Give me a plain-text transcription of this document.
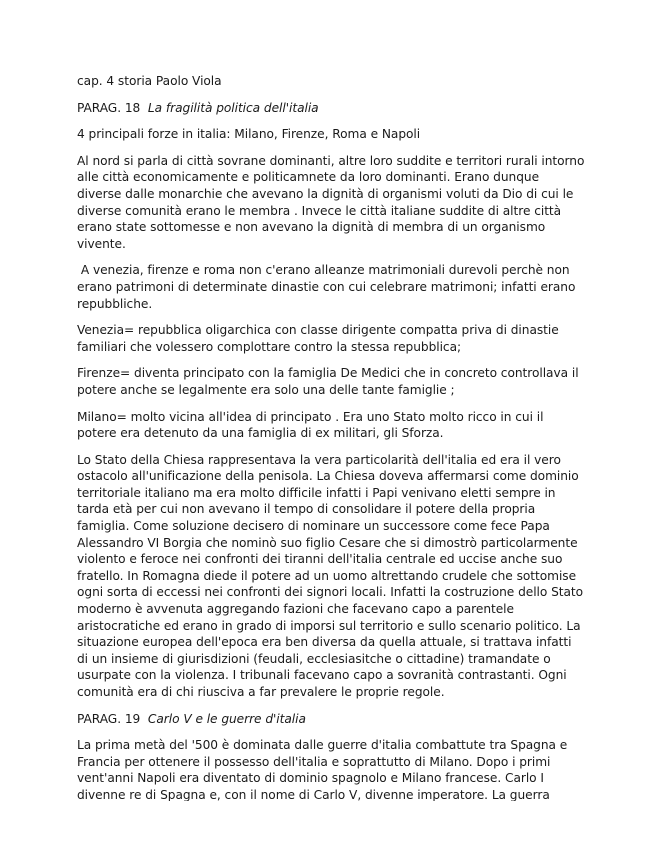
cap. 4 storia Paolo Viola

PARAG. 18 La fragilità politica dell'italia

4 principali forze in italia: Milano, Firenze, Roma e Napoli

Al nord si parla di città sovrane dominanti, altre loro suddite e territori rurali intorno alle città economicamente e politicamnete da loro dominanti. Erano dunque diverse dalle monarchie che avevano la dignità di organismi voluti da Dio di cui le diverse comunità erano le membra . Invece le città italiane suddite di altre città erano state sottomesse e non avevano la dignità di membra di un organismo vivente.

A venezia, firenze e roma non c'erano alleanze matrimoniali durevoli perchè non erano patrimoni di determinate dinastie con cui celebrare matrimoni; infatti erano repubbliche.

Venezia= repubblica oligarchica con classe dirigente compatta priva di dinastie familiari che volessero complottare contro la stessa repubblica;

Firenze= diventa principato con la famiglia De Medici che in concreto controllava il potere anche se legalmente era solo una delle tante famiglie ;

Milano= molto vicina all'idea di principato . Era uno Stato molto ricco in cui il potere era detenuto da una famiglia di ex militari, gli Sforza.

Lo Stato della Chiesa rappresentava la vera particolarità dell'italia ed era il vero ostacolo all'unificazione della penisola. La Chiesa doveva affermarsi come dominio territoriale italiano ma era molto difficile infatti i Papi venivano eletti sempre in tarda età per cui non avevano il tempo di consolidare il potere della propria famiglia. Come soluzione decisero di nominare un successore come fece Papa Alessandro VI Borgia che nominò suo figlio Cesare che si dimostrò particolarmente violento e feroce nei confronti dei tiranni dell'italia centrale ed uccise anche suo fratello. In Romagna diede il potere ad un uomo altrettando crudele che sottomise ogni sorta di eccessi nei confronti dei signori locali. Infatti la costruzione dello Stato moderno è avvenuta aggregando fazioni che facevano capo a parentele aristocratiche ed erano in grado di imporsi sul territorio e sullo scenario politico. La situazione europea dell'epoca era ben diversa da quella attuale, si trattava infatti di un insieme di giurisdizioni (feudali, ecclesiasitche o cittadine) tramandate o usurpate con la violenza. I tribunali facevano capo a sovranità contrastanti. Ogni comunità era di chi riusciva a far prevalere le proprie regole.

PARAG. 19 Carlo V e le guerre d'italia

La prima metà del '500 è dominata dalle guerre d'italia combattute tra Spagna e Francia per ottenere il possesso dell'italia e soprattutto di Milano. Dopo i primi vent'anni Napoli era diventato di dominio spagnolo e Milano francese. Carlo I divenne re di Spagna e, con il nome di Carlo V, divenne imperatore. La guerra
